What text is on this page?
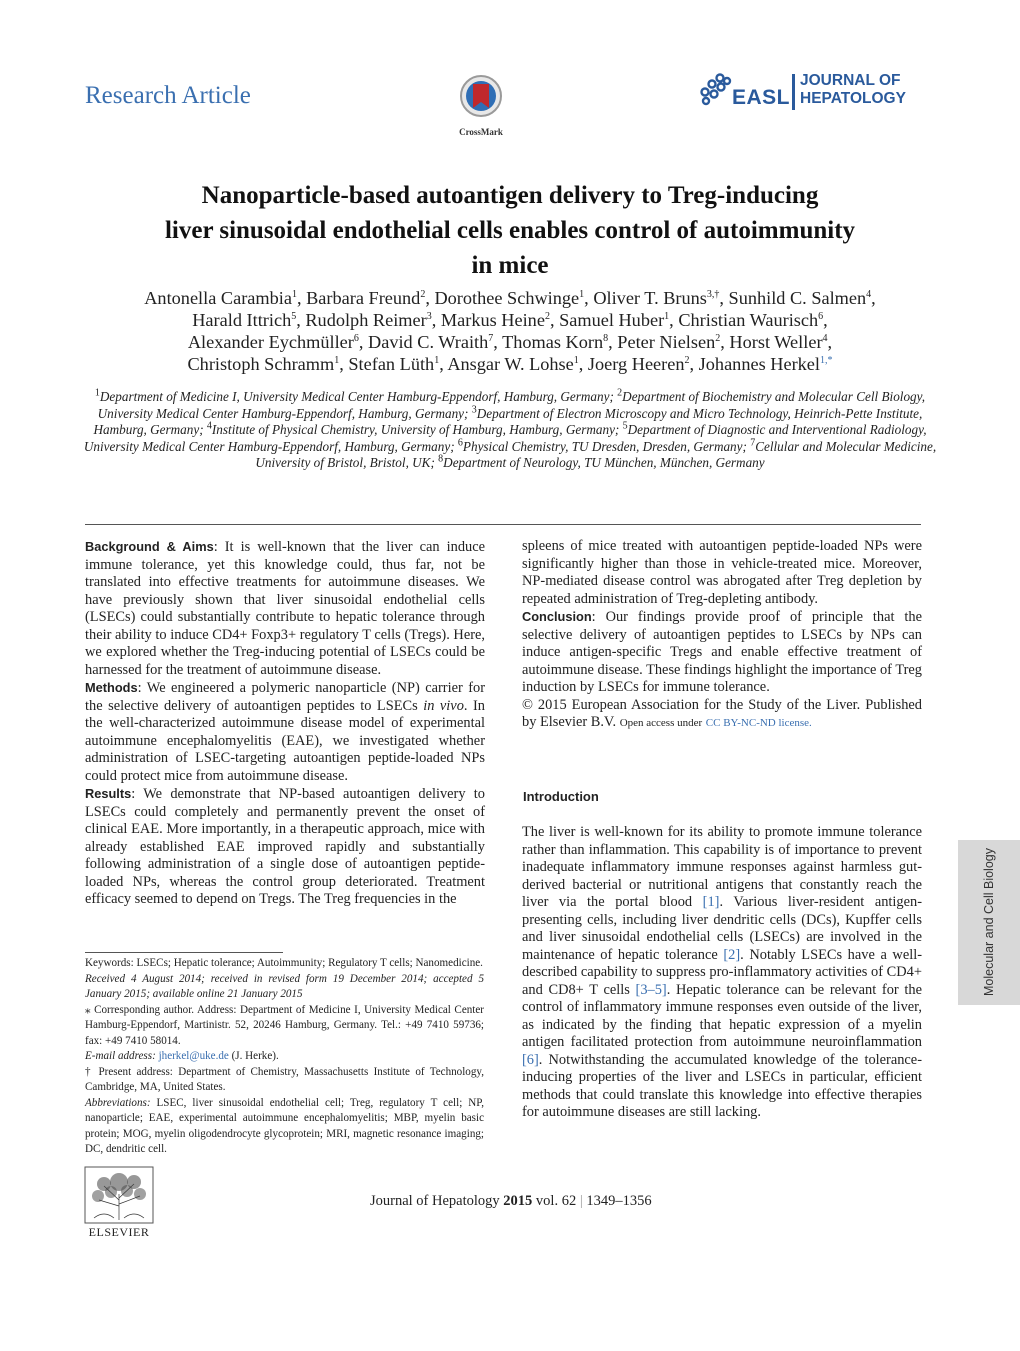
Research Article
CrossMark
EASL
JOURNAL OF
HEPATOLOGY
Nanoparticle-based autoantigen delivery to Treg-inducing
liver sinusoidal endothelial cells enables control of autoimmunity
in mice
Antonella Carambia$^1$, Barbara Freund$^2$, Dorothee Schwinge$^1$, Oliver T. Bruns$^{3,\dagger}$, Sunhild C. Salmen$^4$,
Harald Ittrich$^5$, Rudolph Reimer$^3$, Markus Heine$^2$, Samuel Huber$^1$, Christian Waurisch$^6$,
Alexander Eychmüller$^6$, David C. Wraith$^7$, Thomas Korn$^8$, Peter Nielsen$^2$, Horst Weller$^4$,
Christoph Schramm$^1$, Stefan Lüth$^1$, Ansgar W. Lohse$^1$, Joerg Heeren$^2$, Johannes Herkel$^{1,*}$
$^1$Department of Medicine I, University Medical Center Hamburg-Eppendorf, Hamburg, Germany; $^2$Department of Biochemistry and Molecular Cell Biology, University Medical Center Hamburg-Eppendorf, Hamburg, Germany; $^3$Department of Electron Microscopy and Micro Technology, Heinrich-Pette Institute, Hamburg, Germany; $^4$Institute of Physical Chemistry, University of Hamburg, Hamburg, Germany; $^5$Department of Diagnostic and Interventional Radiology, University Medical Center Hamburg-Eppendorf, Hamburg, Germany; $^6$Physical Chemistry, TU Dresden, Dresden, Germany; $^7$Cellular and Molecular Medicine, University of Bristol, Bristol, UK; $^8$Department of Neurology, TU München, München, Germany

Background & Aims: It is well-known that the liver can induce immune tolerance, yet this knowledge could, thus far, not be translated into effective treatments for autoimmune diseases. We have previously shown that liver sinusoidal endothelial cells (LSECs) could substantially contribute to hepatic tolerance through their ability to induce CD4+ Foxp3+ regulatory T cells (Tregs). Here, we explored whether the Treg-inducing potential of LSECs could be harnessed for the treatment of autoimmune disease.

Methods: We engineered a polymeric nanoparticle (NP) carrier for the selective delivery of autoantigen peptides to LSECs in vivo. In the well-characterized autoimmune disease model of experimental autoimmune encephalomyelitis (EAE), we investigated whether administration of LSEC-targeting autoantigen peptide-loaded NPs could protect mice from autoimmune disease.

Results: We demonstrate that NP-based autoantigen delivery to LSECs could completely and permanently prevent the onset of clinical EAE. More importantly, in a therapeutic approach, mice with already established EAE improved rapidly and substantially following administration of a single dose of autoantigen peptide-loaded NPs, whereas the control group deteriorated. Treatment efficacy seemed to depend on Tregs. The Treg frequencies in the

spleens of mice treated with autoantigen peptide-loaded NPs were significantly higher than those in vehicle-treated mice. Moreover, NP-mediated disease control was abrogated after Treg depletion by repeated administration of Treg-depleting antibody.

Conclusion: Our findings provide proof of principle that the selective delivery of autoantigen peptides to LSECs by NPs can induce antigen-specific Tregs and enable effective treatment of autoimmune disease. These findings highlight the importance of Treg induction by LSECs for immune tolerance.

© 2015 European Association for the Study of the Liver. Published by Elsevier B.V. Open access under CC BY-NC-ND license.

Introduction

The liver is well-known for its ability to promote immune tolerance rather than inflammation. This capability is of importance to prevent inadequate inflammatory immune responses against harmless gut-derived bacterial or nutritional antigens that constantly reach the liver via the portal blood [1]. Various liver-resident antigen-presenting cells, including liver dendritic cells (DCs), Kupffer cells and liver sinusoidal endothelial cells (LSECs) are involved in the maintenance of hepatic tolerance [2]. Notably LSECs have a well-described capability to suppress pro-inflammatory activities of CD4+ and CD8+ T cells [3–5]. Hepatic tolerance can be relevant for the control of inflammatory immune responses even outside of the liver, as indicated by the finding that hepatic expression of a myelin antigen facilitated protection from autoimmune neuroinflammation [6]. Notwithstanding the accumulated knowledge of the tolerance-inducing properties of the liver and LSECs in particular, efficient methods that could translate this knowledge into effective therapies for autoimmune diseases are still lacking.

Keywords: LSECs; Hepatic tolerance; Autoimmunity; Regulatory T cells; Nanomedicine.

Received 4 August 2014; received in revised form 19 December 2014; accepted 5 January 2015; available online 21 January 2015

⁎ Corresponding author. Address: Department of Medicine I, University Medical Center Hamburg-Eppendorf, Martinistr. 52, 20246 Hamburg, Germany. Tel.: +49 7410 59736; fax: +49 7410 58014.

E-mail address: jherkel@uke.de (J. Herke).

† Present address: Department of Chemistry, Massachusetts Institute of Technology, Cambridge, MA, United States.

Abbreviations: LSEC, liver sinusoidal endothelial cell; Treg, regulatory T cell; NP, nanoparticle; EAE, experimental autoimmune encephalomyelitis; MBP, myelin basic protein; MOG, myelin oligodendrocyte glycoprotein; MRI, magnetic resonance imaging; DC, dendritic cell.

Molecular and Cell Biology
ELSEVIER
Journal of Hepatology 2015 vol. 62 | 1349–1356
